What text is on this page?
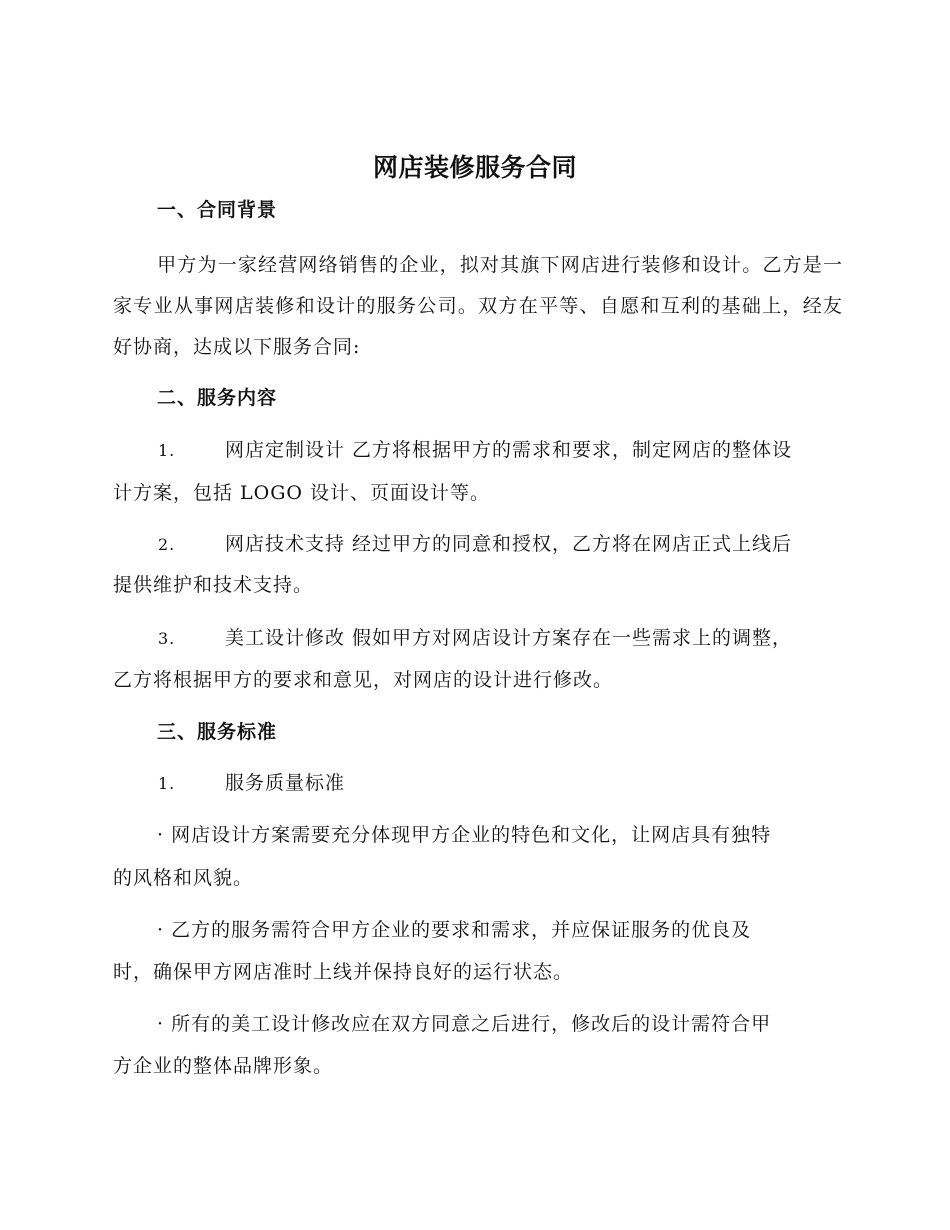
网店装修服务合同
一、合同背景
甲方为一家经营网络销售的企业，拟对其旗下网店进行装修和设计。乙方是一家专业从事网店装修和设计的服务公司。双方在平等、自愿和互利的基础上，经友好协商，达成以下服务合同:
二、服务内容
1.	网店定制设计 乙方将根据甲方的需求和要求，制定网店的整体设
计方案，包括 LOGO 设计、页面设计等。
2.	网店技术支持 经过甲方的同意和授权，乙方将在网店正式上线后
提供维护和技术支持。
3.	美工设计修改 假如甲方对网店设计方案存在一些需求上的调整，
乙方将根据甲方的要求和意见，对网店的设计进行修改。
三、服务标准
1.	服务质量标准
· 网店设计方案需要充分体现甲方企业的特色和文化，让网店具有独特
的风格和风貌。
· 乙方的服务需符合甲方企业的要求和需求，并应保证服务的优良及
时，确保甲方网店准时上线并保持良好的运行状态。
· 所有的美工设计修改应在双方同意之后进行，修改后的设计需符合甲
方企业的整体品牌形象。
